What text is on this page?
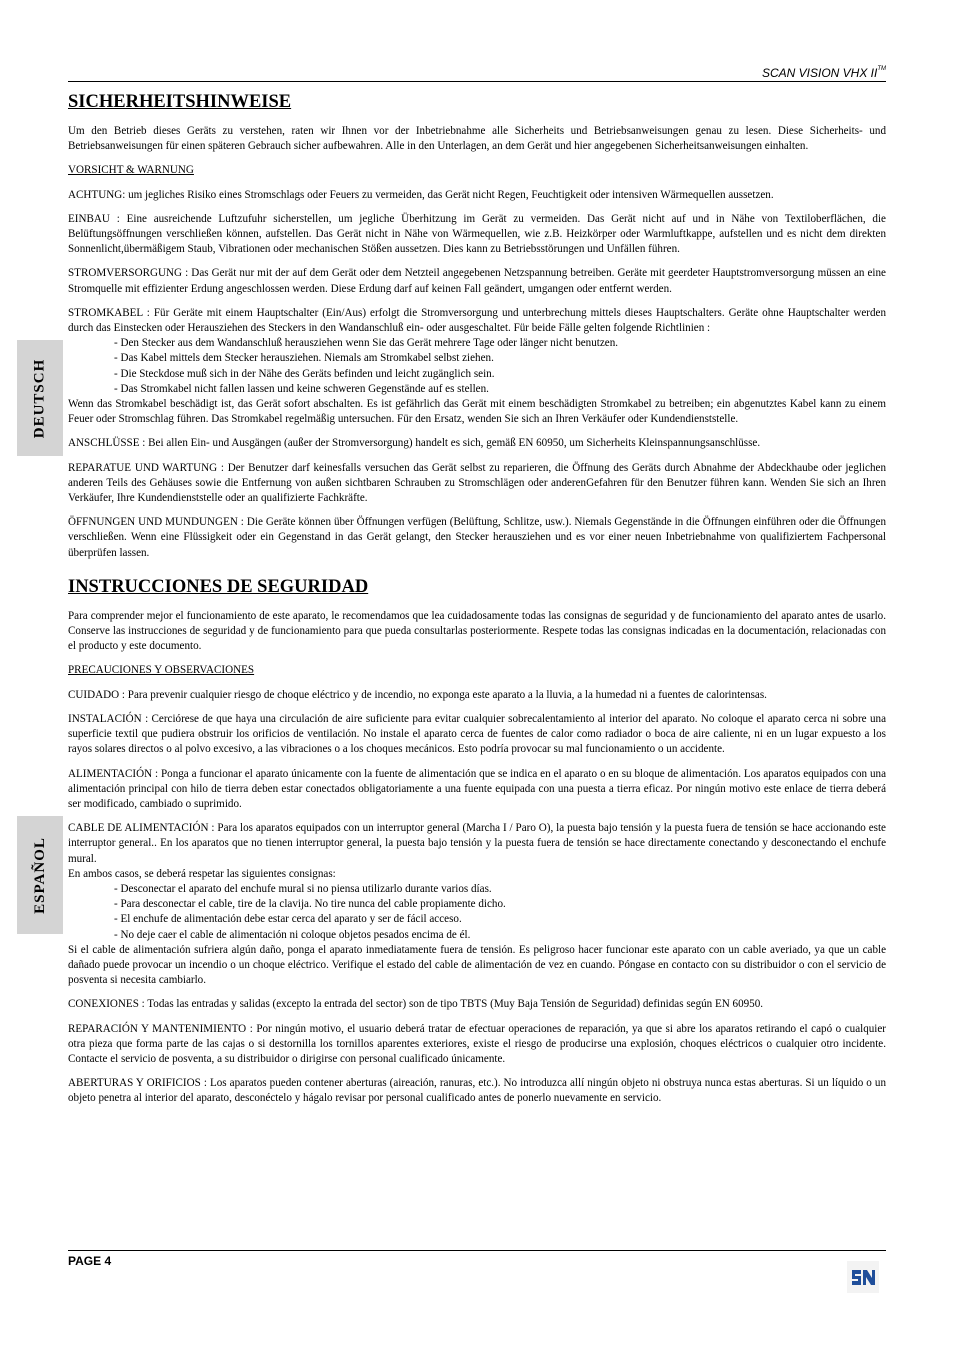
SCAN VISION VHX II™
DEUTSCH
ESPAÑOL
SICHERHEITSHINWEISE

Um den Betrieb dieses Geräts zu verstehen, raten wir Ihnen vor der Inbetriebnahme alle Sicherheits und Betriebsanweisungen genau zu lesen. Diese Sicherheits- und Betriebsanweisungen für einen späteren Gebrauch sicher aufbewahren. Alle in den Unterlagen, an dem Gerät und hier angegebenen Sicherheitsanweisungen einhalten.

VORSICHT & WARNUNG

ACHTUNG: um jegliches Risiko eines Stromschlags oder Feuers zu vermeiden, das Gerät nicht Regen, Feuchtigkeit oder intensiven Wärmequellen aussetzen.

EINBAU : Eine ausreichende Luftzufuhr sicherstellen, um jegliche Überhitzung im Gerät zu vermeiden. Das Gerät nicht auf und in Nähe von Textiloberflächen, die Belüftungsöffnungen verschließen können, aufstellen. Das Gerät nicht in Nähe von Wärmequellen, wie z.B. Heizkörper oder Warmluftkappe, aufstellen und es nicht dem direkten Sonnenlicht,übermäßigem Staub, Vibrationen oder mechanischen Stößen aussetzen. Dies kann zu Betriebsstörungen und Unfällen führen.

STROMVERSORGUNG : Das Gerät nur mit der auf dem Gerät oder dem Netzteil angegebenen Netzspannung betreiben. Geräte mit geerdeter Hauptstromversorgung müssen an eine Stromquelle mit effizienter Erdung angeschlossen werden. Diese Erdung darf auf keinen Fall geändert, umgangen oder entfernt werden.

STROMKABEL : Für Geräte mit einem Hauptschalter (Ein/Aus) erfolgt die Stromversorgung und unterbrechung mittels dieses Hauptschalters. Geräte ohne Hauptschalter werden durch das Einstecken oder Herausziehen des Steckers in den Wandanschluß ein- oder ausgeschaltet. Für beide Fälle gelten folgende Richtlinien :

- Den Stecker aus dem Wandanschluß herausziehen wenn Sie das Gerät mehrere Tage oder länger nicht benutzen.
- Das Kabel mittels dem Stecker herausziehen. Niemals am Stromkabel selbst ziehen.
- Die Steckdose muß sich in der Nähe des Geräts befinden und leicht zugänglich sein.
- Das Stromkabel nicht fallen lassen und keine schweren Gegenstände auf es stellen.

Wenn das Stromkabel beschädigt ist, das Gerät sofort abschalten. Es ist gefährlich das Gerät mit einem beschädigten Stromkabel zu betreiben; ein abgenutztes Kabel kann zu einem Feuer oder Stromschlag führen. Das Stromkabel regelmäßig untersuchen. Für den Ersatz, wenden Sie sich an Ihren Verkäufer oder Kundendienststelle.

ANSCHLÜSSE : Bei allen Ein- und Ausgängen (außer der Stromversorgung) handelt es sich, gemäß EN 60950, um Sicherheits Kleinspannungsanschlüsse.

REPARATUE UND WARTUNG : Der Benutzer darf keinesfalls versuchen das Gerät selbst zu reparieren, die Öffnung des Geräts durch Abnahme der Abdeckhaube oder jeglichen anderen Teils des Gehäuses sowie die Entfernung von außen sichtbaren Schrauben zu Stromschlägen oder anderenGefahren für den Benutzer führen kann. Wenden Sie sich an Ihren Verkäufer, Ihre Kundendienststelle oder an qualifizierte Fachkräfte.

ÖFFNUNGEN UND MUNDUNGEN : Die Geräte können über Öffnungen verfügen (Belüftung, Schlitze, usw.). Niemals Gegenstände in die Öffnungen einführen oder die Öffnungen verschließen. Wenn eine Flüssigkeit oder ein Gegenstand in das Gerät gelangt, den Stecker herausziehen und es vor einer neuen Inbetriebnahme von qualifiziertem Fachpersonal überprüfen lassen.

INSTRUCCIONES DE SEGURIDAD

Para comprender mejor el funcionamiento de este aparato, le recomendamos que lea cuidadosamente todas las consignas de seguridad y de funcionamiento del aparato antes de usarlo. Conserve las instrucciones de seguridad y de funcionamiento para que pueda consultarlas posteriormente. Respete todas las consignas indicadas en la documentación, relacionadas con el producto y este documento.

PRECAUCIONES Y OBSERVACIONES

CUIDADO : Para prevenir cualquier riesgo de choque eléctrico y de incendio, no exponga este aparato a la lluvia, a la humedad ni a fuentes de calorintensas.

INSTALACIÓN : Cerciórese de que haya una circulación de aire suficiente para evitar cualquier sobrecalentamiento al interior del aparato. No coloque el aparato cerca ni sobre una superficie textil que pudiera obstruir los orificios de ventilación. No instale el aparato cerca de fuentes de calor como radiador o boca de aire caliente, ni en un lugar expuesto a los rayos solares directos o al polvo excesivo, a las vibraciones o a los choques mecánicos. Esto podría provocar su mal funcionamiento o un accidente.

ALIMENTACIÓN : Ponga a funcionar el aparato únicamente con la fuente de alimentación que se indica en el aparato o en su bloque de alimentación. Los aparatos equipados con una alimentación principal con hilo de tierra deben estar conectados obligatoriamente a una fuente equipada con una puesta a tierra eficaz. Por ningún motivo este enlace de tierra deberá ser modificado, cambiado o suprimido.

CABLE DE ALIMENTACIÓN : Para los aparatos equipados con un interruptor general (Marcha I / Paro O), la puesta bajo tensión y la puesta fuera de tensión se hace accionando este interruptor general.. En los aparatos que no tienen interruptor general, la puesta bajo tensión y la puesta fuera de tensión se hace directamente conectando y desconectando el enchufe mural.

En ambos casos, se deberá respetar las siguientes consignas:

- Desconectar el aparato del enchufe mural si no piensa utilizarlo durante varios días.
- Para desconectar el cable, tire de la clavija. No tire nunca del cable propiamente dicho.
- El enchufe de alimentación debe estar cerca del aparato y ser de fácil acceso.
- No deje caer el cable de alimentación ni coloque objetos pesados encima de él.

Si el cable de alimentación sufriera algún daño, ponga el aparato inmediatamente fuera de tensión. Es peligroso hacer funcionar este aparato con un cable averiado, ya que un cable dañado puede provocar un incendio o un choque eléctrico. Verifique el estado del cable de alimentación de vez en cuando. Póngase en contacto con su distribuidor o con el servicio de posventa si necesita cambiarlo.

CONEXIONES : Todas las entradas y salidas (excepto la entrada del sector) son de tipo TBTS (Muy Baja Tensión de Seguridad) definidas según EN 60950.

REPARACIÓN Y MANTENIMIENTO : Por ningún motivo, el usuario deberá tratar de efectuar operaciones de reparación, ya que si abre los aparatos retirando el capó o cualquier otra pieza que forma parte de las cajas o si destornilla los tornillos aparentes exteriores, existe el riesgo de producirse una explosión, choques eléctricos o cualquier otro incidente. Contacte el servicio de posventa, a su distribuidor o dirigirse con personal cualificado únicamente.

ABERTURAS Y ORIFICIOS : Los aparatos pueden contener aberturas (aireación, ranuras, etc.). No introduzca allí ningún objeto ni obstruya nunca estas aberturas. Si un líquido o un objeto penetra al interior del aparato, desconéctelo y hágalo revisar por personal cualificado antes de ponerlo nuevamente en servicio.

PAGE 4
